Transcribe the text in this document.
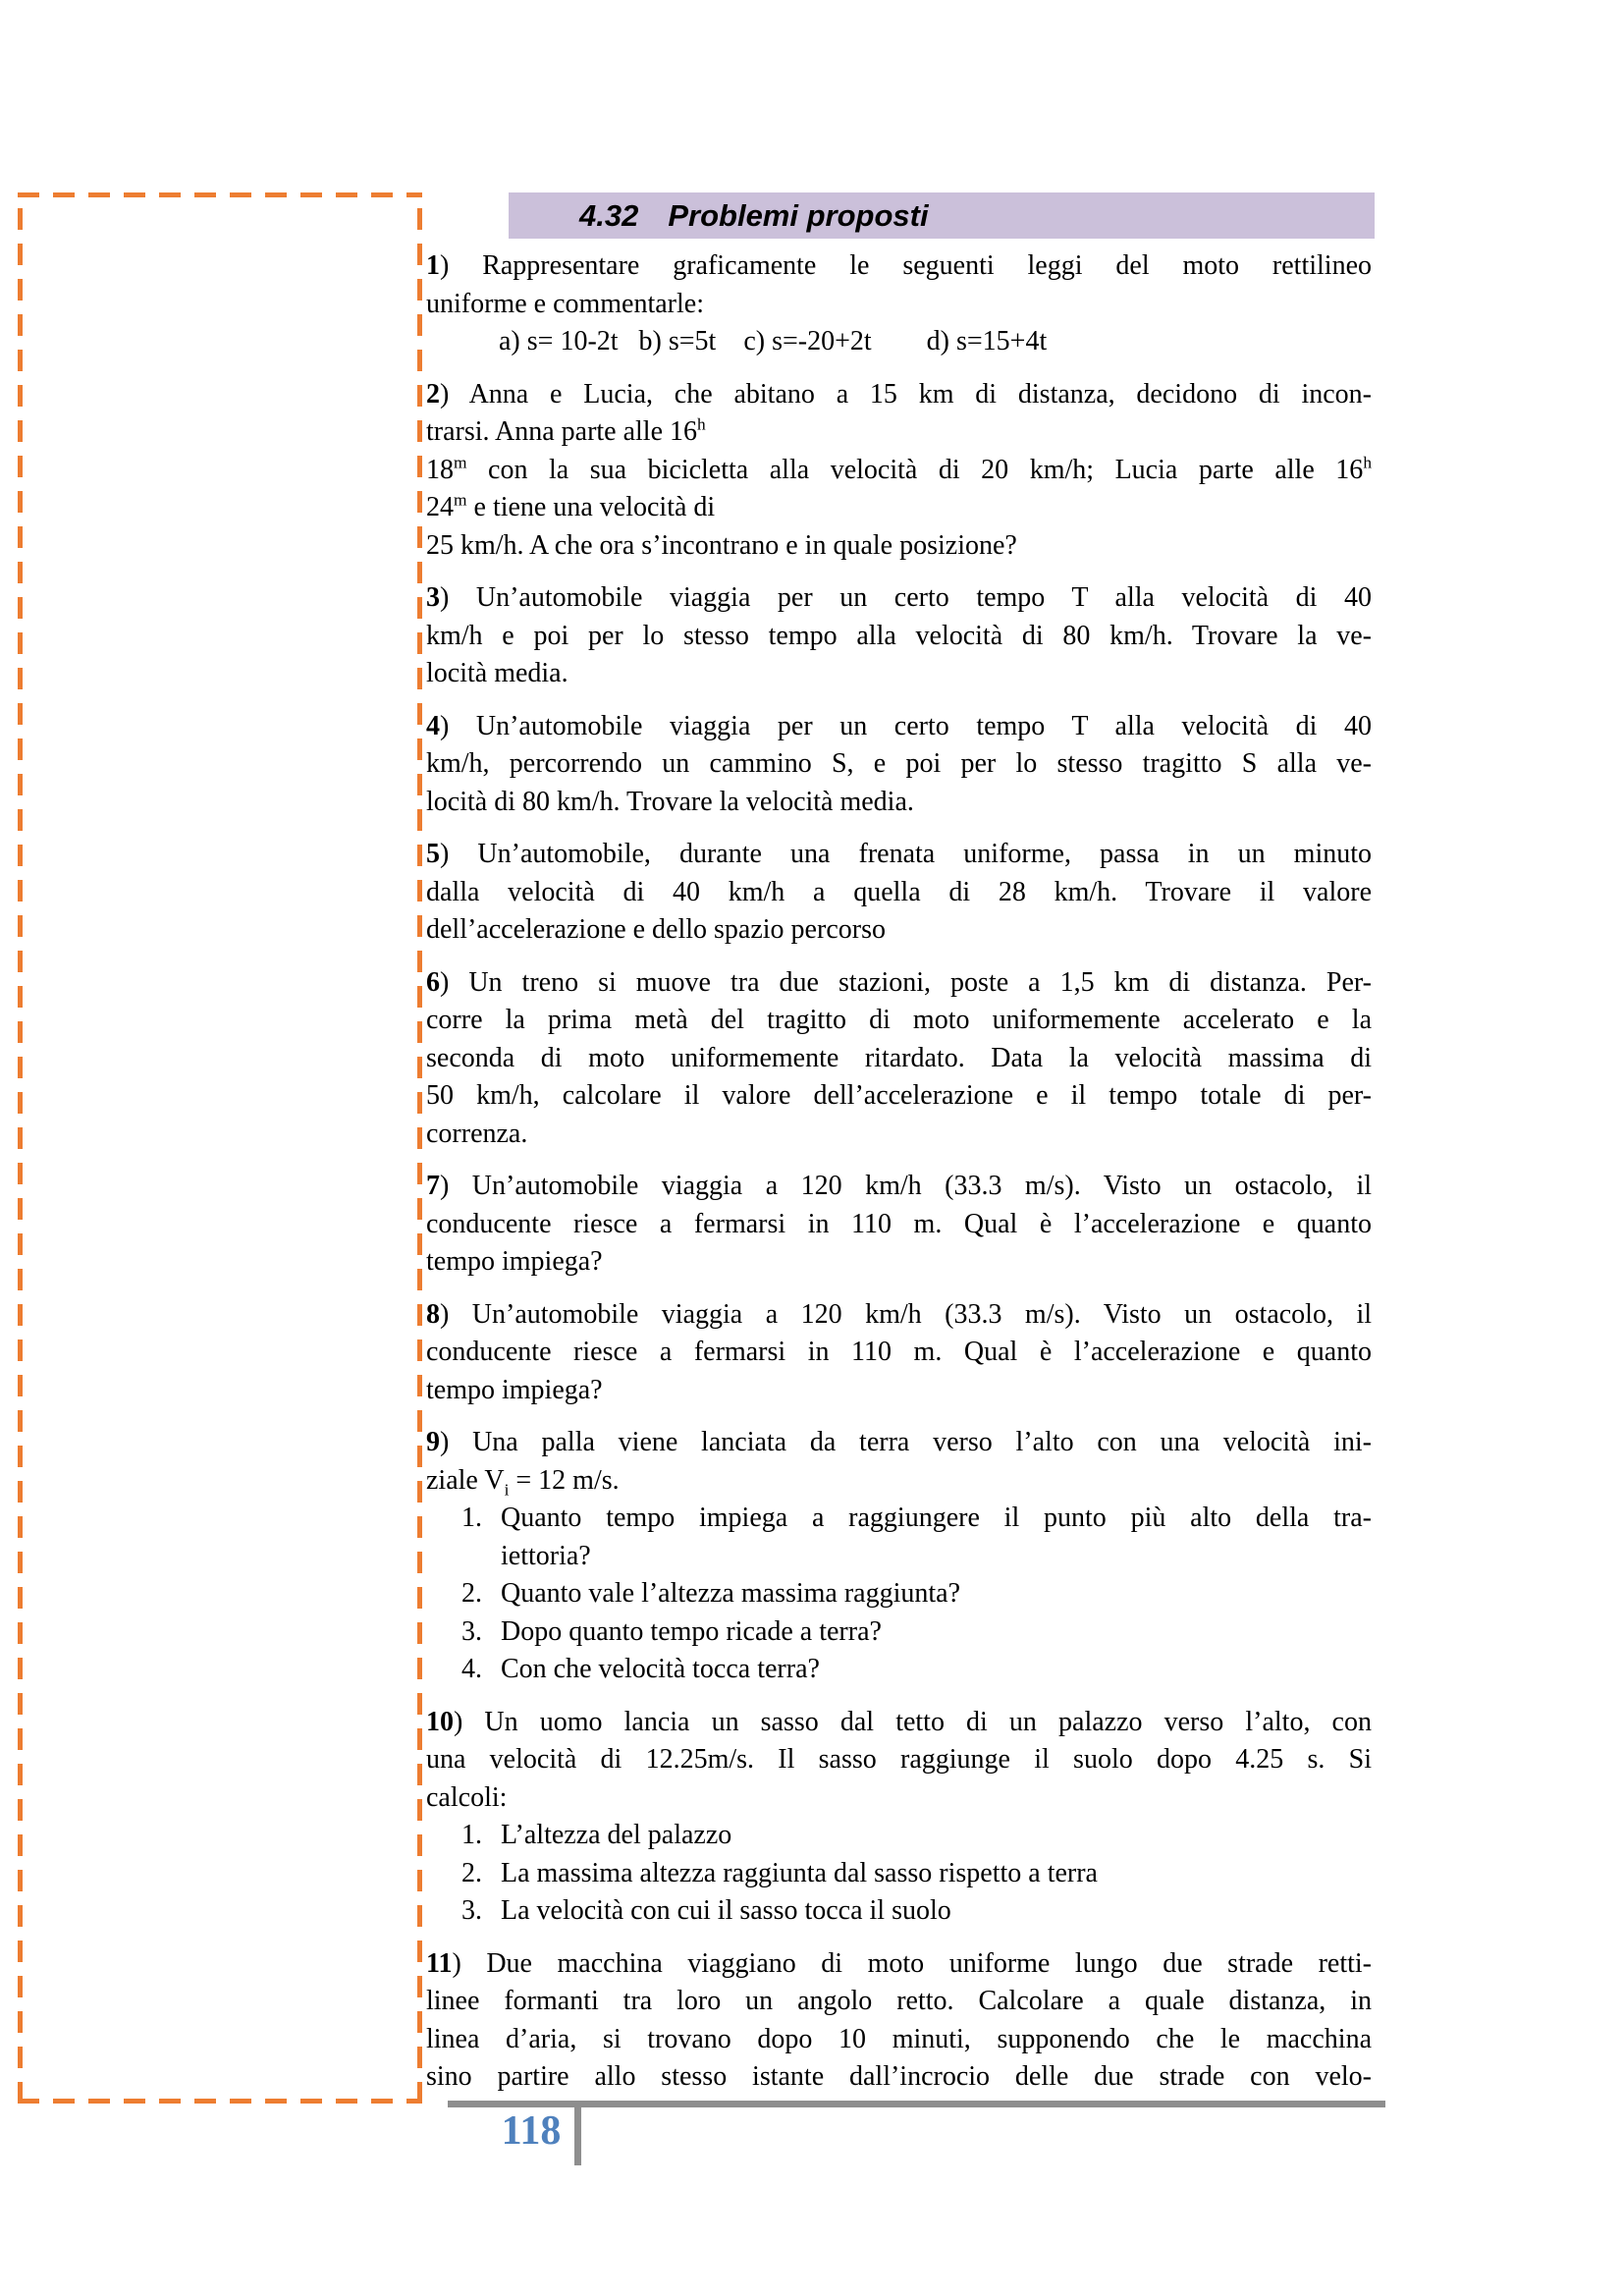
4.32 Problemi proposti
1) Rappresentare graficamente le seguenti leggi del moto rettilineo
uniforme e commentarle:
a) s= 10-2t   b) s=5t    c) s=-20+2t        d) s=15+4t
2) Anna e Lucia, che abitano a 15 km di distanza, decidono di incon-
trarsi. Anna parte alle 16$^h$
18$^m$ con la sua bicicletta alla velocità di 20 km/h; Lucia parte alle 16$^h$
24$^m$ e tiene una velocità di
25 km/h. A che ora s’incontrano e in quale posizione?
3) Un’automobile viaggia per un certo tempo T alla velocità di 40
km/h e poi per lo stesso tempo alla velocità di 80 km/h. Trovare la ve-
locità media.
4) Un’automobile viaggia per un certo tempo T alla velocità di 40
km/h, percorrendo un cammino S, e poi per lo stesso tragitto S alla ve-
locità di 80 km/h. Trovare la velocità media.
5) Un’automobile, durante una frenata uniforme, passa in un minuto
dalla velocità di 40 km/h a quella di 28 km/h. Trovare il valore
dell’accelerazione e dello spazio percorso
6) Un treno si muove tra due stazioni, poste a 1,5 km di distanza. Per-
corre la prima metà del tragitto di moto uniformemente accelerato e la
seconda di moto uniformemente ritardato. Data la velocità massima di
50 km/h, calcolare il valore dell’accelerazione e il tempo totale di per-
correnza.
7) Un’automobile viaggia a 120 km/h (33.3 m/s). Visto un ostacolo, il
conducente riesce a fermarsi in 110 m. Qual è l’accelerazione e quanto
tempo impiega?
8) Un’automobile viaggia a 120 km/h (33.3 m/s). Visto un ostacolo, il
conducente riesce a fermarsi in 110 m. Qual è l’accelerazione e quanto
tempo impiega?
9) Una palla viene lanciata da terra verso l’alto con una velocità ini-
ziale $V_i = 12$ m/s.
1. Quanto tempo impiega a raggiungere il punto più alto della tra-
iettoria?
2. Quanto vale l’altezza massima raggiunta?
3. Dopo quanto tempo ricade a terra?
4. Con che velocità tocca terra?
10) Un uomo lancia un sasso dal tetto di un palazzo verso l’alto, con
una velocità di 12.25m/s. Il sasso raggiunge il suolo dopo 4.25 s. Si
calcoli:
1. L’altezza del palazzo
2. La massima altezza raggiunta dal sasso rispetto a terra
3. La velocità con cui il sasso tocca il suolo
11) Due macchina viaggiano di moto uniforme lungo due strade retti-
linee formanti tra loro un angolo retto. Calcolare a quale distanza, in
linea d’aria, si trovano dopo 10 minuti, supponendo che le macchina
sino partire allo stesso istante dall’incrocio delle due strade con velo-
118
